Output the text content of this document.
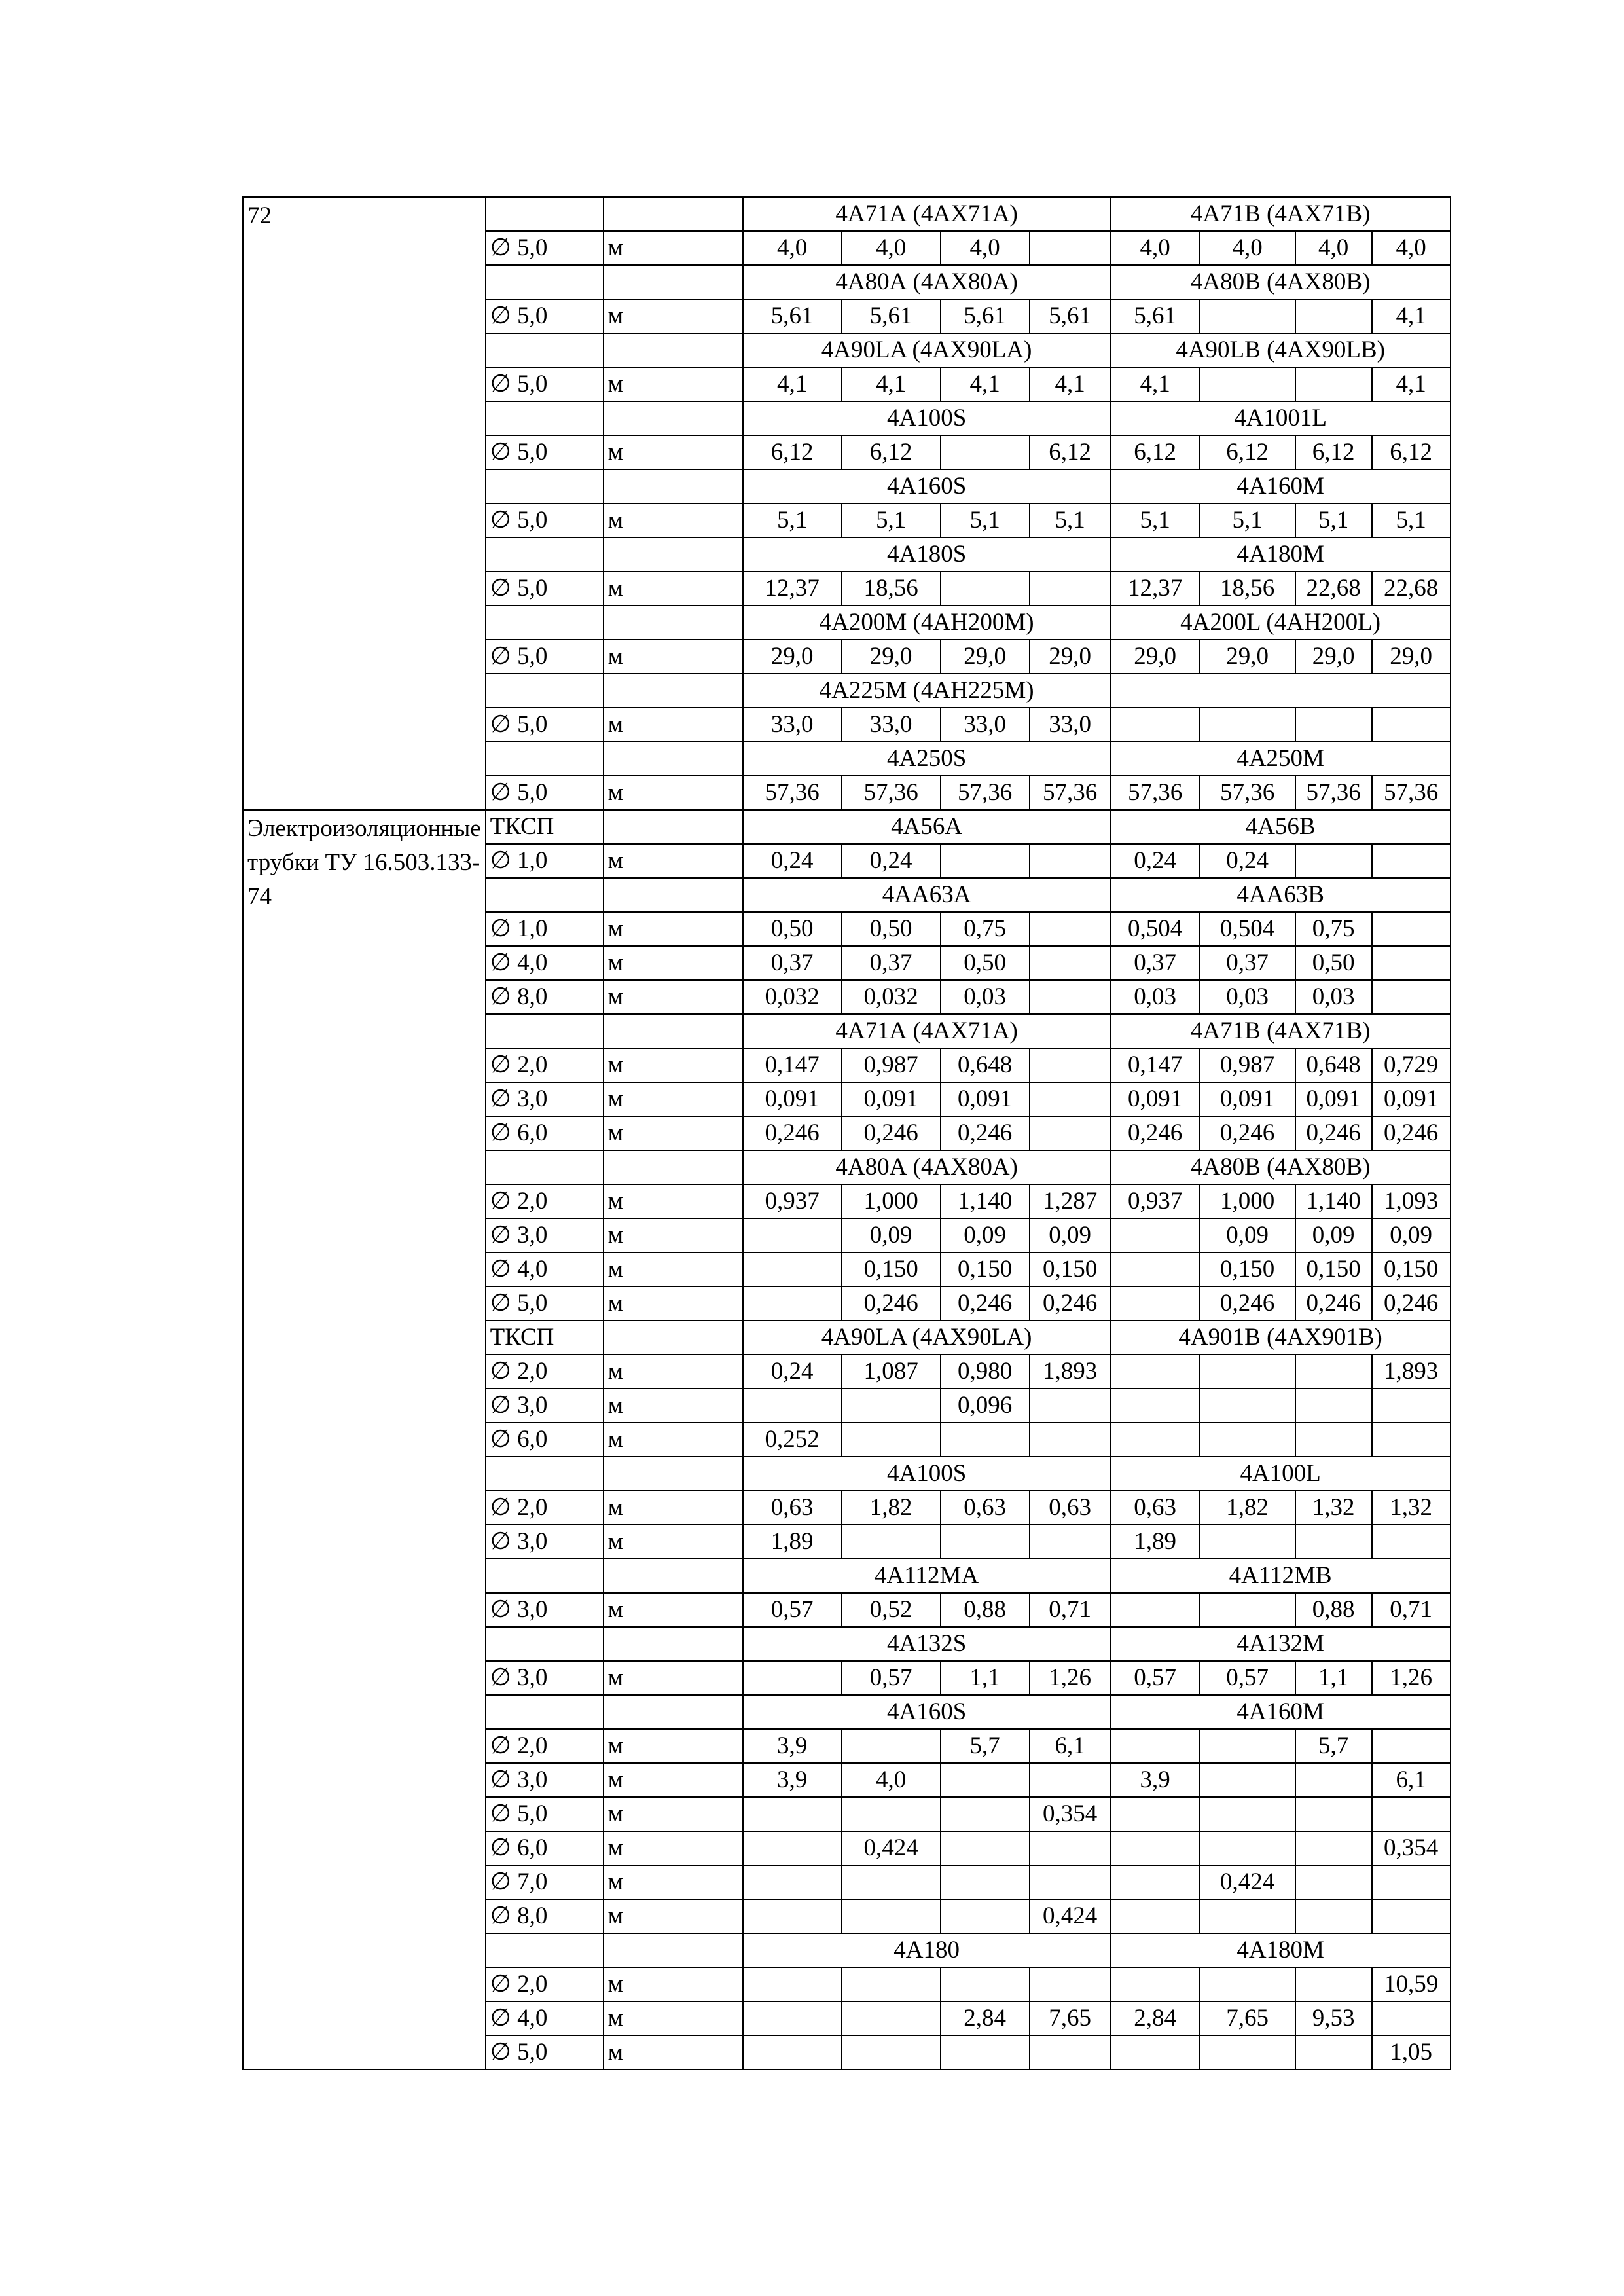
72			4А71А (4АХ71А)				4А71В (4АХ71В)			
	∅ 5,0	м	4,0	4,0	4,0		4,0	4,0	4,0	4,0
			4А80А (4АХ80А)				4А80В (4АХ80В)			
	∅ 5,0	м	5,61	5,61	5,61	5,61	5,61			4,1
			4А90LA (4AX90LA)				4А90LB (4AX90LB)			
	∅ 5,0	м	4,1	4,1	4,1	4,1	4,1			4,1
			4А100S				4А1001L			
	∅ 5,0	м	6,12	6,12		6,12	6,12	6,12	6,12	6,12
			4А160S				4А160М			
	∅ 5,0	м	5,1	5,1	5,1	5,1	5,1	5,1	5,1	5,1
			4А180S				4А180М			
	∅ 5,0	м	12,37	18,56			12,37	18,56	22,68	22,68
			4А200М (4АН200М)				4А200L (4АН200L)			
	∅ 5,0	м	29,0	29,0	29,0	29,0	29,0	29,0	29,0	29,0
			4А225М (4АН225М)							
	∅ 5,0	м	33,0	33,0	33,0	33,0				
			4А250S				4А250М			
	∅ 5,0	м	57,36	57,36	57,36	57,36	57,36	57,36	57,36	57,36
Электроизоляционные трубки ТУ 16.503.133-74	ТКСП		4А56А				4А56В			
	∅ 1,0	м	0,24	0,24			0,24	0,24		
			4АА63А				4АА63В			
	∅ 1,0	м	0,50	0,50	0,75		0,504	0,504	0,75	
	∅ 4,0	м	0,37	0,37	0,50		0,37	0,37	0,50	
	∅ 8,0	м	0,032	0,032	0,03		0,03	0,03	0,03	
			4А71А (4АХ71А)				4А71В (4АХ71В)			
	∅ 2,0	м	0,147	0,987	0,648		0,147	0,987	0,648	0,729
	∅ 3,0	м	0,091	0,091	0,091		0,091	0,091	0,091	0,091
	∅ 6,0	м	0,246	0,246	0,246		0,246	0,246	0,246	0,246
			4А80А (4АХ80А)				4А80В (4АХ80В)			
	∅ 2,0	м	0,937	1,000	1,140	1,287	0,937	1,000	1,140	1,093
	∅ 3,0	м		0,09	0,09	0,09		0,09	0,09	0,09
	∅ 4,0	м		0,150	0,150	0,150		0,150	0,150	0,150
	∅ 5,0	м		0,246	0,246	0,246		0,246	0,246	0,246
	ТКСП		4А90LA (4AX90LA)				4А901В (4АХ901В)			
	∅ 2,0	м	0,24	1,087	0,980	1,893				1,893
	∅ 3,0	м			0,096					
	∅ 6,0	м	0,252							
			4А100S				4А100L			
	∅ 2,0	м	0,63	1,82	0,63	0,63	0,63	1,82	1,32	1,32
	∅ 3,0	м	1,89				1,89			
			4А112МА				4А112МВ			
	∅ 3,0	м	0,57	0,52	0,88	0,71			0,88	0,71
			4А132S				4А132М			
	∅ 3,0	м		0,57	1,1	1,26	0,57	0,57	1,1	1,26
			4А160S				4А160М			
	∅ 2,0	м	3,9		5,7	6,1			5,7	
	∅ 3,0	м	3,9	4,0			3,9			6,1
	∅ 5,0	м				0,354				
	∅ 6,0	м		0,424						0,354
	∅ 7,0	м						0,424		
	∅ 8,0	м				0,424				
			4А180				4А180М			
	∅ 2,0	м								10,59
	∅ 4,0	м			2,84	7,65	2,84	7,65	9,53	
	∅ 5,0	м								1,05
